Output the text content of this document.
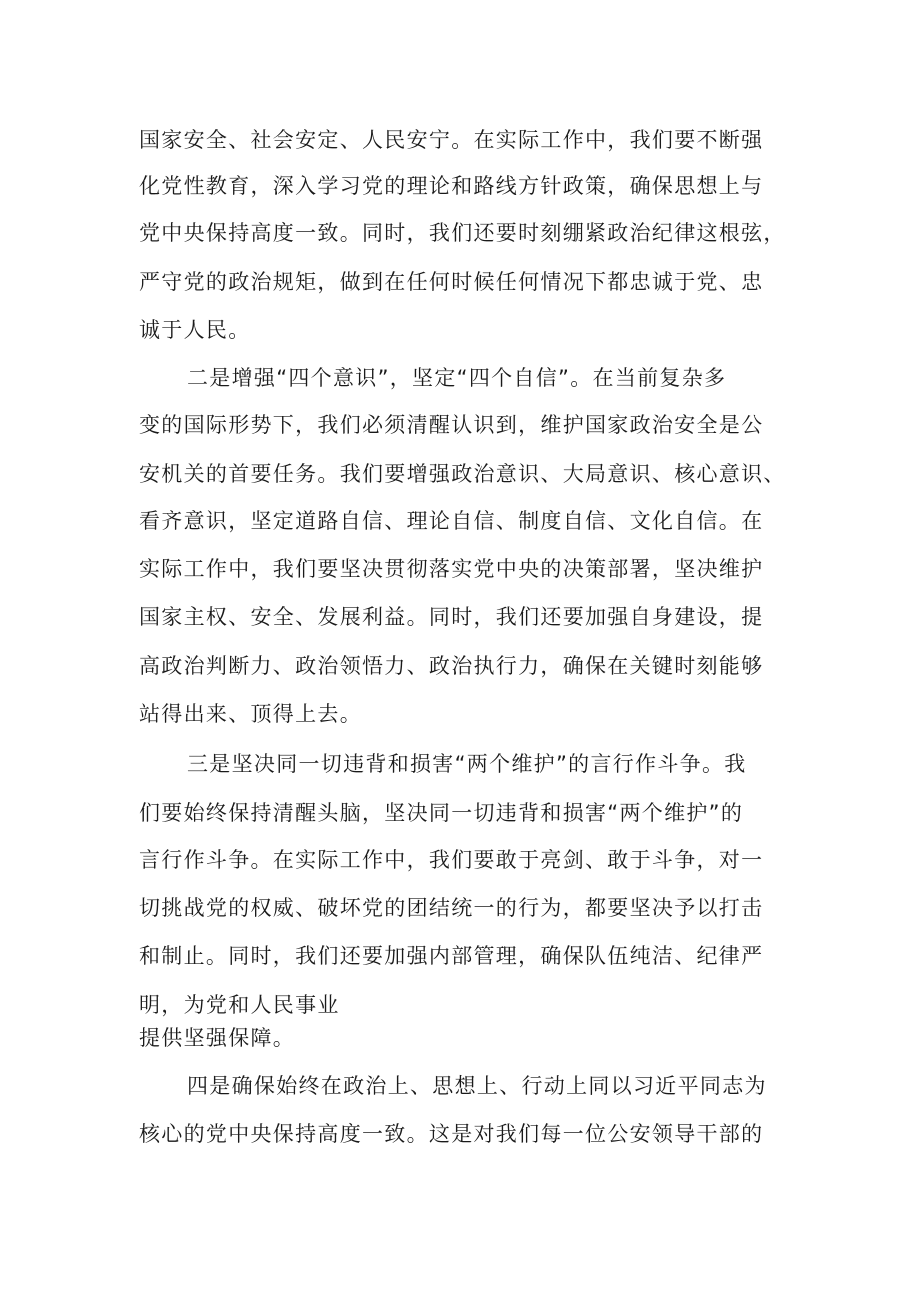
国家安全、社会安定、人民安宁。在实际工作中，我们要不断强
化党性教育，深入学习党的理论和路线方针政策，确保思想上与
党中央保持高度一致。同时，我们还要时刻绷紧政治纪律这根弦，
严守党的政治规矩，做到在任何时候任何情况下都忠诚于党、忠
诚于人民。
二是增强“四个意识”，坚定“四个自信”。在当前复杂多
变的国际形势下，我们必须清醒认识到，维护国家政治安全是公
安机关的首要任务。我们要增强政治意识、大局意识、核心意识、
看齐意识，坚定道路自信、理论自信、制度自信、文化自信。在
实际工作中，我们要坚决贯彻落实党中央的决策部署，坚决维护
国家主权、安全、发展利益。同时，我们还要加强自身建设，提
高政治判断力、政治领悟力、政治执行力，确保在关键时刻能够
站得出来、顶得上去。
三是坚决同一切违背和损害“两个维护”的言行作斗争。我
们要始终保持清醒头脑，坚决同一切违背和损害“两个维护”的
言行作斗争。在实际工作中，我们要敢于亮剑、敢于斗争，对一
切挑战党的权威、破坏党的团结统一的行为，都要坚决予以打击
和制止。同时，我们还要加强内部管理，确保队伍纯洁、纪律严
明，为党和人民事业
提供坚强保障。
四是确保始终在政治上、思想上、行动上同以习近平同志为
核心的党中央保持高度一致。这是对我们每一位公安领导干部的
